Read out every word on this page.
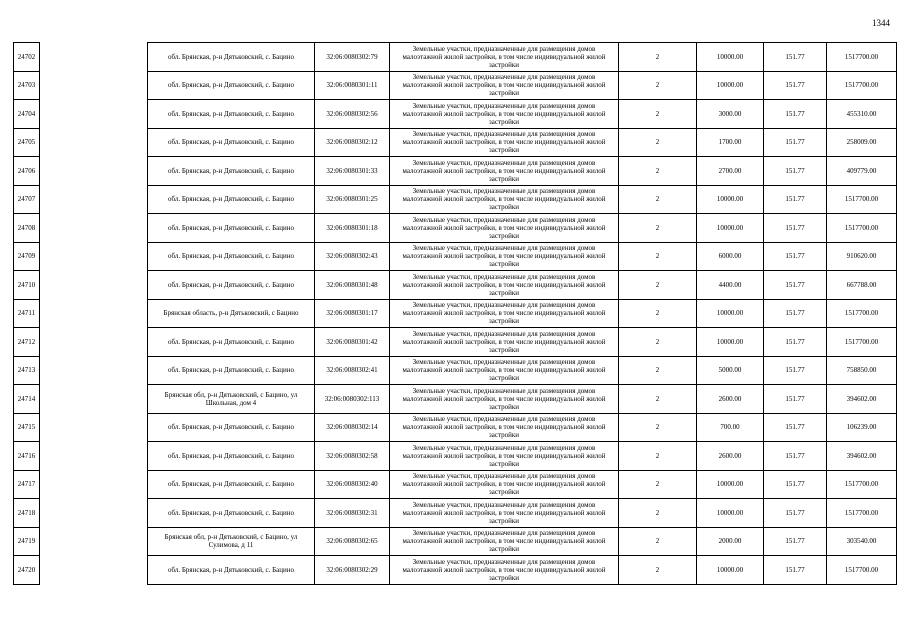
1344
24702		обл. Брянская, р-н Дятьковский, с. Бацино	32:06:0080302:79	Земельные участки, предназначенные для размещения домов малоэтажной жилой застройки, в том числе индивидуальной жилой застройки	2	10000.00	151.77	1517700.00
24703		обл. Брянская, р-н Дятьковский, с. Бацино	32:06:0080301:11	Земельные участки, предназначенные для размещения домов малоэтажной жилой застройки, в том числе индивидуальной жилой застройки	2	10000.00	151.77	1517700.00
24704		обл. Брянская, р-н Дятьковский, с. Бацино	32:06:0080302:56	Земельные участки, предназначенные для размещения домов малоэтажной жилой застройки, в том числе индивидуальной жилой застройки	2	3000.00	151.77	455310.00
24705		обл. Брянская, р-н Дятьковский, с. Бацино	32:06:0080302:12	Земельные участки, предназначенные для размещения домов малоэтажной жилой застройки, в том числе индивидуальной жилой застройки	2	1700.00	151.77	258009.00
24706		обл. Брянская, р-н Дятьковский, с. Бацино	32:06:0080301:33	Земельные участки, предназначенные для размещения домов малоэтажной жилой застройки, в том числе индивидуальной жилой застройки	2	2700.00	151.77	409779.00
24707		обл. Брянская, р-н Дятьковский, с. Бацино	32:06:0080301:25	Земельные участки, предназначенные для размещения домов малоэтажной жилой застройки, в том числе индивидуальной жилой застройки	2	10000.00	151.77	1517700.00
24708		обл. Брянская, р-н Дятьковский, с. Бацино	32:06:0080301:18	Земельные участки, предназначенные для размещения домов малоэтажной жилой застройки, в том числе индивидуальной жилой застройки	2	10000.00	151.77	1517700.00
24709		обл. Брянская, р-н Дятьковский, с. Бацино	32:06:0080302:43	Земельные участки, предназначенные для размещения домов малоэтажной жилой застройки, в том числе индивидуальной жилой застройки	2	6000.00	151.77	910620.00
24710		обл. Брянская, р-н Дятьковский, с. Бацино	32:06:0080301:48	Земельные участки, предназначенные для размещения домов малоэтажной жилой застройки, в том числе индивидуальной жилой застройки	2	4400.00	151.77	667788.00
24711		Брянская область, р-н Дятьковский, с Бацино	32:06:0080301:17	Земельные участки, предназначенные для размещения домов малоэтажной жилой застройки, в том числе индивидуальной жилой застройки	2	10000.00	151.77	1517700.00
24712		обл. Брянская, р-н Дятьковский, с. Бацино	32:06:0080301:42	Земельные участки, предназначенные для размещения домов малоэтажной жилой застройки, в том числе индивидуальной жилой застройки	2	10000.00	151.77	1517700.00
24713		обл. Брянская, р-н Дятьковский, с. Бацино	32:06:0080302:41	Земельные участки, предназначенные для размещения домов малоэтажной жилой застройки, в том числе индивидуальной жилой застройки	2	5000.00	151.77	758850.00
24714		Брянская обл, р-н Дятьковский, с Бацино, ул Школьная, дом 4	32:06:0080302:113	Земельные участки, предназначенные для размещения домов малоэтажной жилой застройки, в том числе индивидуальной жилой застройки	2	2600.00	151.77	394602.00
24715		обл. Брянская, р-н Дятьковский, с. Бацино	32:06:0080302:14	Земельные участки, предназначенные для размещения домов малоэтажной жилой застройки, в том числе индивидуальной жилой застройки	2	700.00	151.77	106239.00
24716		обл. Брянская, р-н Дятьковский, с. Бацино	32:06:0080302:58	Земельные участки, предназначенные для размещения домов малоэтажной жилой застройки, в том числе индивидуальной жилой застройки	2	2600.00	151.77	394602.00
24717		обл. Брянская, р-н Дятьковский, с. Бацино	32:06:0080302:40	Земельные участки, предназначенные для размещения домов малоэтажной жилой застройки, в том числе индивидуальной жилой застройки	2	10000.00	151.77	1517700.00
24718		обл. Брянская, р-н Дятьковский, с. Бацино	32:06:0080302:31	Земельные участки, предназначенные для размещения домов малоэтажной жилой застройки, в том числе индивидуальной жилой застройки	2	10000.00	151.77	1517700.00
24719		Брянская обл, р-н Дятьковский, с Бацино, ул Сулимова, д 11	32:06:0080302:65	Земельные участки, предназначенные для размещения домов малоэтажной жилой застройки, в том числе индивидуальной жилой застройки	2	2000.00	151.77	303540.00
24720		обл. Брянская, р-н Дятьковский, с. Бацино	32:06:0080302:29	Земельные участки, предназначенные для размещения домов малоэтажной жилой застройки, в том числе индивидуальной жилой застройки	2	10000.00	151.77	1517700.00
